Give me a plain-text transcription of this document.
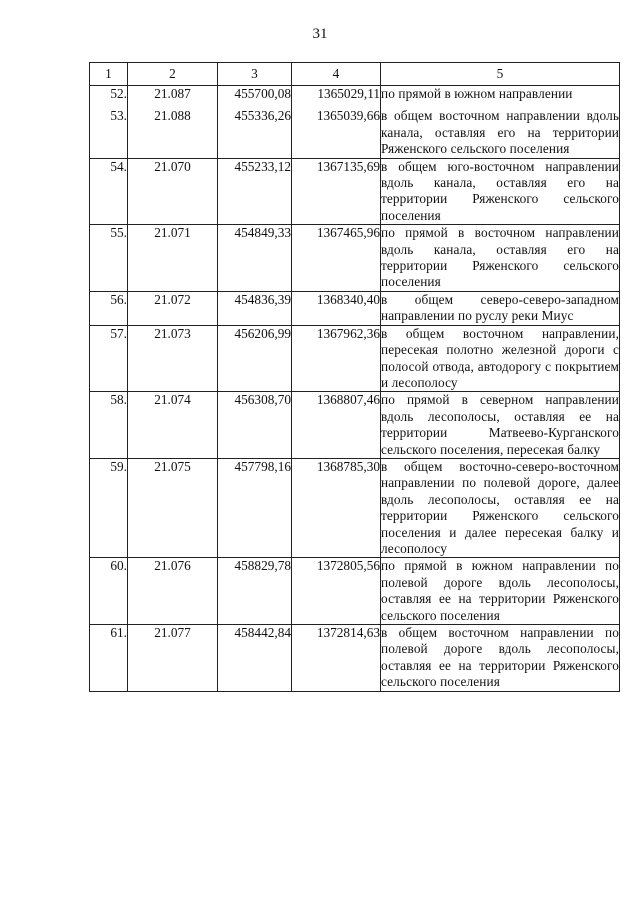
31
1	2	3	4	5
52.	21.087	455700,08	1365029,11	по прямой в южном направлении
53.	21.088	455336,26	1365039,66	в общем восточном направлении вдоль канала, оставляя его на территории Ряженского сельского поселения
54.	21.070	455233,12	1367135,69	в общем юго-восточном направлении вдоль канала, оставляя его на территории Ряженского сельского поселения
55.	21.071	454849,33	1367465,96	по прямой в восточном направлении вдоль канала, оставляя его на территории Ряженского сельского поселения
56.	21.072	454836,39	1368340,40	в общем северо-северо-западном направлении по руслу реки Миус
57.	21.073	456206,99	1367962,36	в общем восточном направлении, пересекая полотно железной дороги с полосой отвода, автодорогу с покрытием и лесополосу
58.	21.074	456308,70	1368807,46	по прямой в северном направлении вдоль лесополосы, оставляя ее на территории Матвеево-Курганского сельского поселения, пересекая балку
59.	21.075	457798,16	1368785,30	в общем восточно-северо-восточном направлении по полевой дороге, далее вдоль лесополосы, оставляя ее на территории Ряженского сельского поселения и далее пересекая балку и лесополосу
60.	21.076	458829,78	1372805,56	по прямой в южном направлении по полевой дороге вдоль лесополосы, оставляя ее на территории Ряженского сельского поселения
61.	21.077	458442,84	1372814,63	в общем восточном направлении по полевой дороге вдоль лесополосы, оставляя ее на территории Ряженского сельского поселения
